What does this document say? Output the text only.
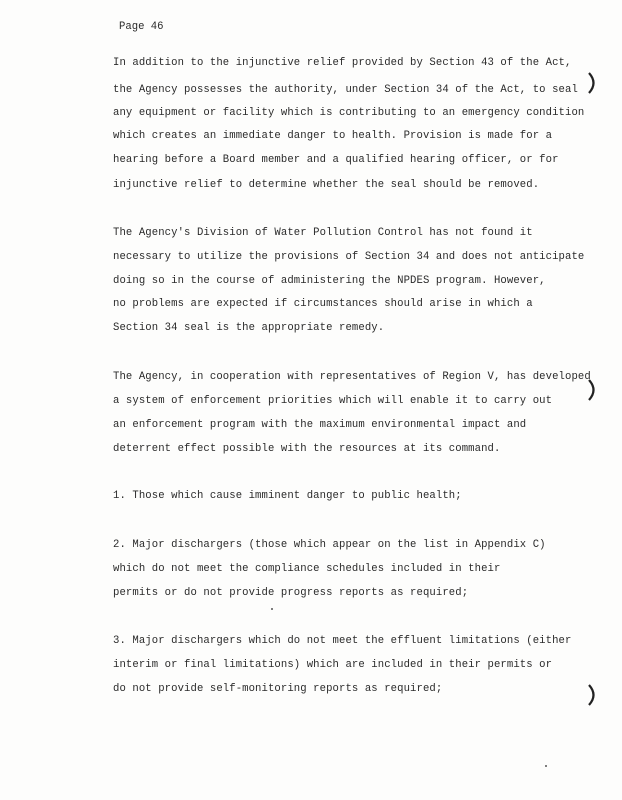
Page 46
In addition to the injunctive relief provided by Section 43 of the Act,
the Agency possesses the authority, under Section 34 of the Act, to seal
any equipment or facility which is contributing to an emergency condition
which creates an immediate danger to health. Provision is made for a
hearing before a Board member and a qualified hearing officer, or for
injunctive relief to determine whether the seal should be removed.
The Agency's Division of Water Pollution Control has not found it
necessary to utilize the provisions of Section 34 and does not anticipate
doing so in the course of administering the NPDES program. However,
no problems are expected if circumstances should arise in which a
Section 34 seal is the appropriate remedy.
The Agency, in cooperation with representatives of Region V, has developed
a system of enforcement priorities which will enable it to carry out
an enforcement program with the maximum environmental impact and
deterrent effect possible with the resources at its command.
1. Those which cause imminent danger to public health;
2. Major dischargers (those which appear on the list in Appendix C)
which do not meet the compliance schedules included in their
permits or do not provide progress reports as required;
3. Major dischargers which do not meet the effluent limitations (either
interim or final limitations) which are included in their permits or
do not provide self-monitoring reports as required;
